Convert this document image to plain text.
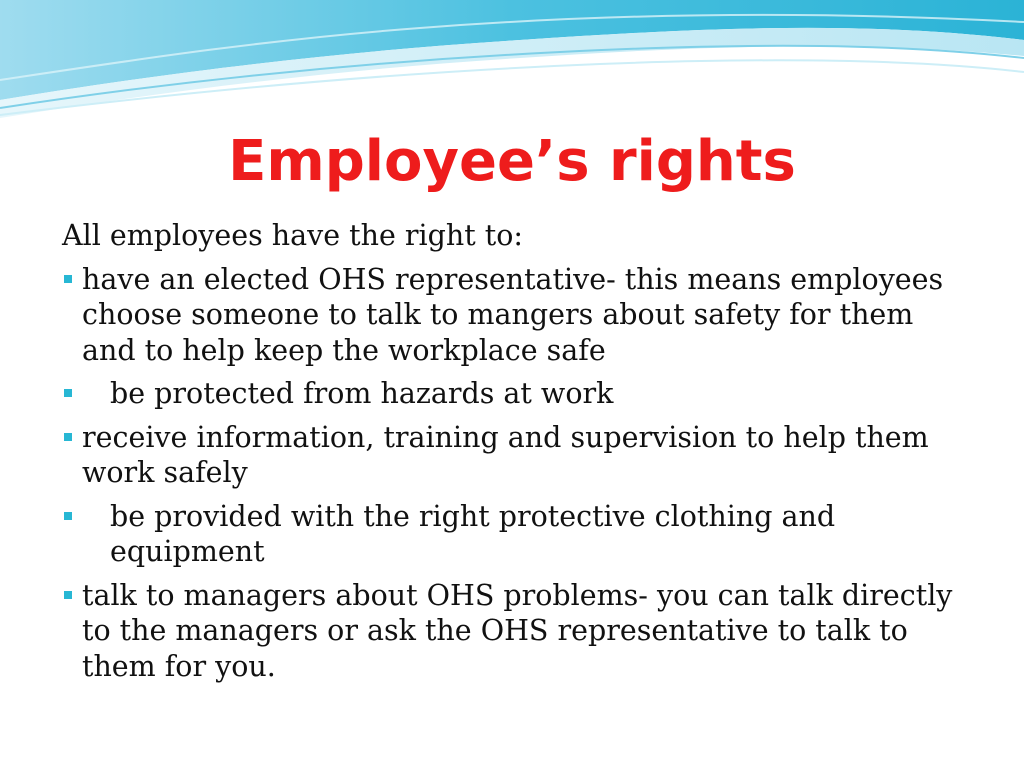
Employee’s rights

All employees have the right to:

have an elected OHS representative- this means employees choose someone to talk to mangers about safety for them and to help keep the workplace safe
be protected from hazards at work
receive information, training and supervision to help them work safely
be provided with the right protective clothing and equipment
talk to managers about OHS problems- you can talk directly to the managers or ask the OHS representative to talk to them for you.
